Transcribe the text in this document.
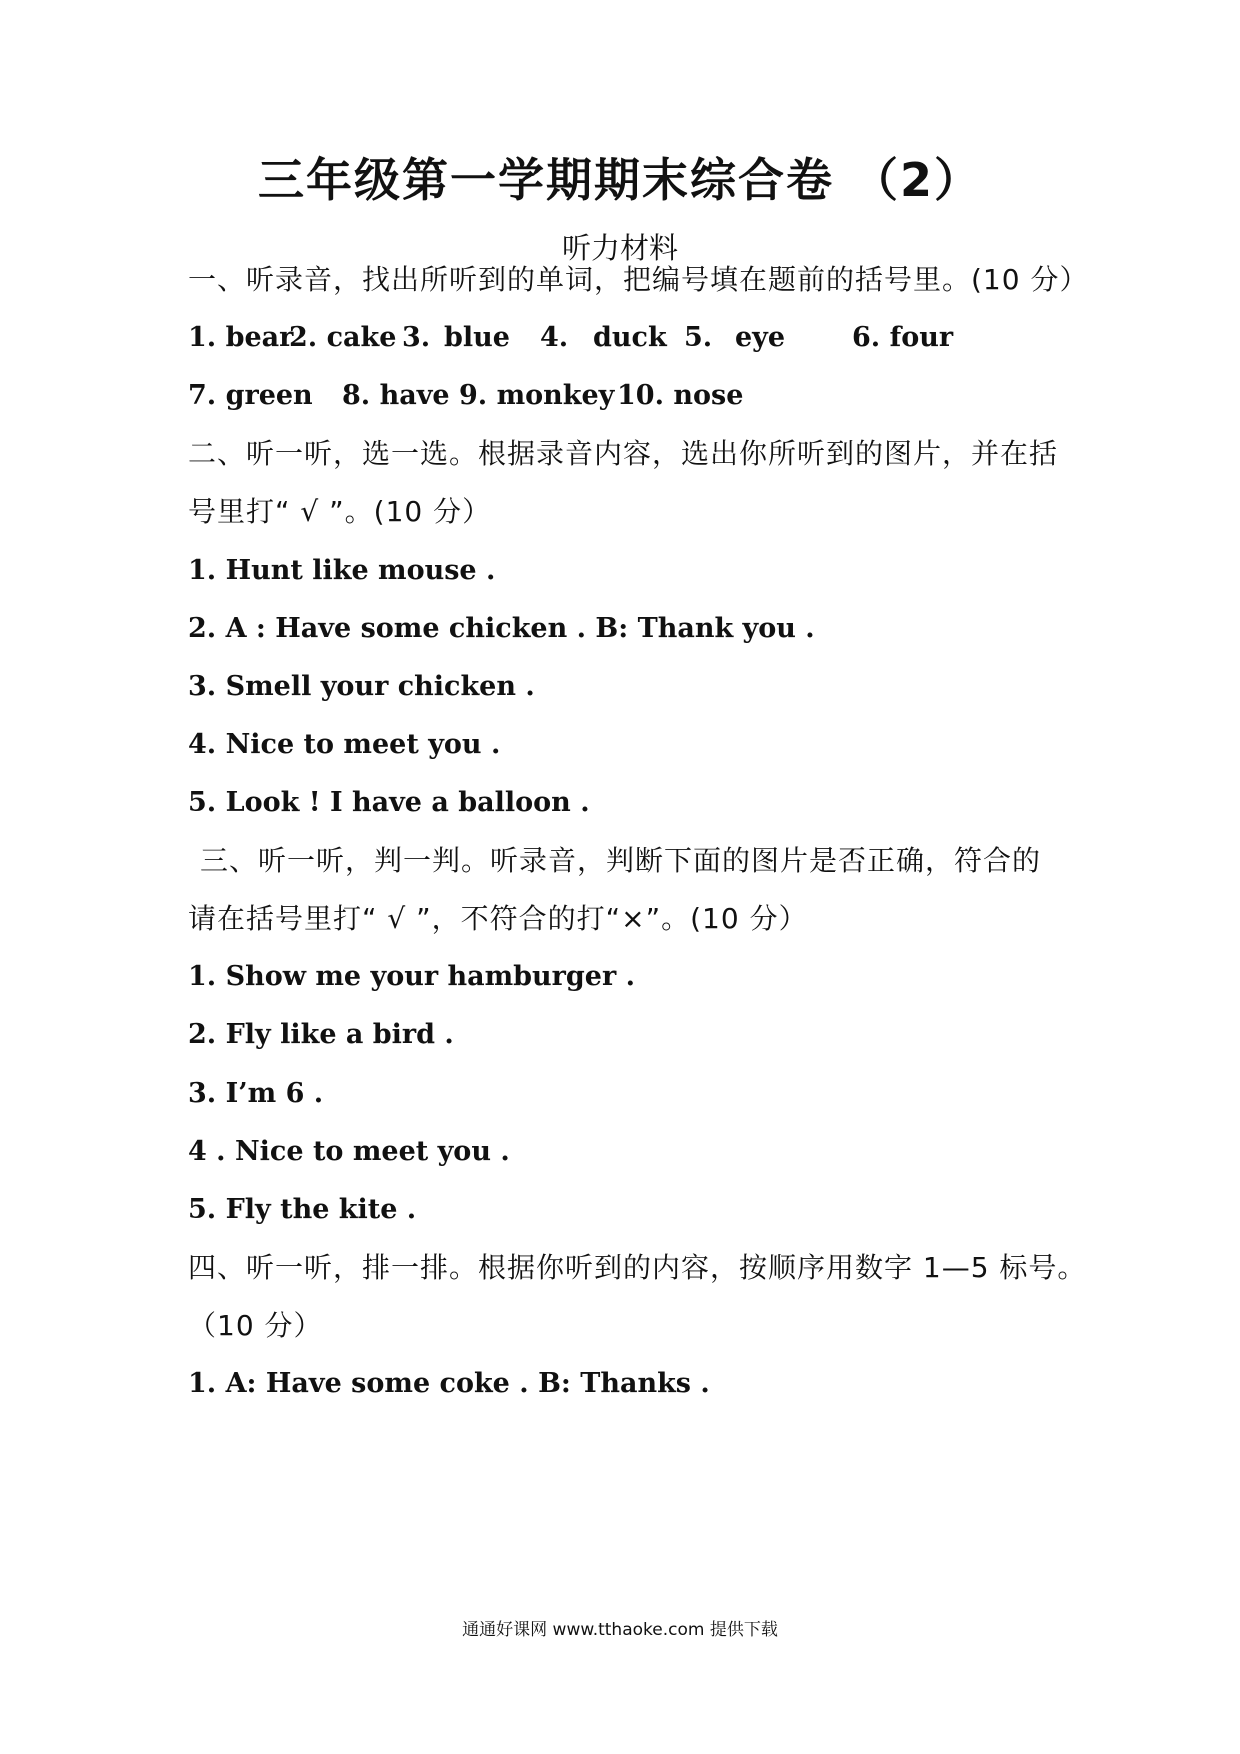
三年级第一学期期末综合卷 （2）
听力材料
一、听录音，找出所听到的单词，把编号填在题前的括号里。(10 分）
1. bear2. cake 3. blue 4. duck 5. eye 6. four
7. green 8. have 9. monkey10. nose
二、听一听，选一选。根据录音内容，选出你所听到的图片，并在括
号里打“ √ ”。(10 分）
1. Hunt like mouse .
2. A : Have some chicken . B: Thank you .
3. Smell your chicken .
4. Nice to meet you .
5. Look ! I have a balloon .
三、听一听，判一判。听录音，判断下面的图片是否正确，符合的
请在括号里打“ √ ”，不符合的打“×”。(10 分）
1. Show me your hamburger .
2. Fly like a bird .
3. I’m 6 .
4 . Nice to meet you .
5. Fly the kite .
四、听一听，排一排。根据你听到的内容，按顺序用数字 1—5 标号。
（10 分）
1. A: Have some coke . B: Thanks .
通通好课网 www.tthaoke.com 提供下载
